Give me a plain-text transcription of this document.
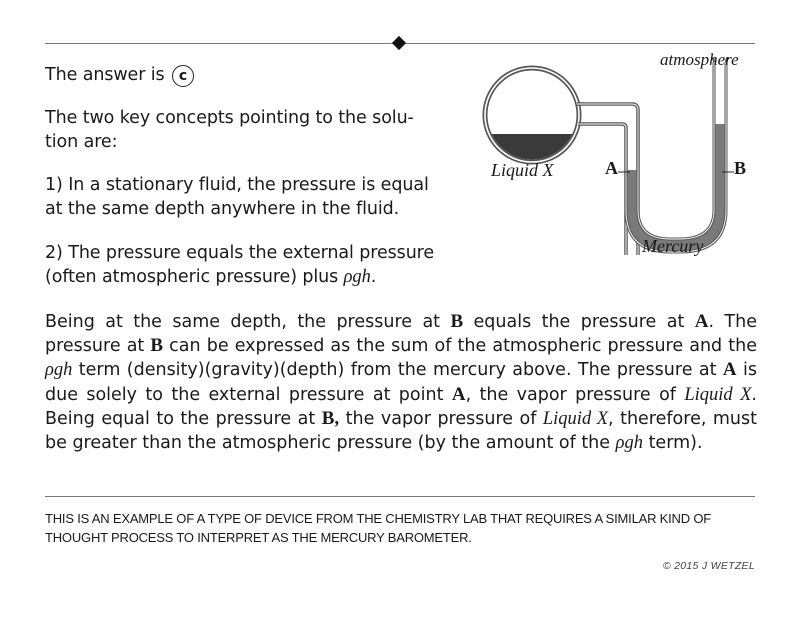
The answer is c
The two key concepts pointing to the solu-
tion are:
1) In a stationary fluid, the pressure is equal
at the same depth anywhere in the fluid.
2) The pressure equals the external pressure
(often atmospheric pressure) plus ρgh.
atmosphere
Liquid X	A	B
Mercury
Being at the same depth, the pressure at B equals the pressure at A. The pressure at B can be expressed as the sum of the atmospheric pressure and the ρgh term (density)(gravity)(depth) from the mercury above. The pressure at A is due solely to the external pressure at point A, the vapor pressure of Liquid X. Being equal to the pressure at B, the vapor pressure of Liquid X, therefore, must be greater than the atmospheric pressure (by the amount of the ρgh term).
THIS IS AN EXAMPLE OF A TYPE OF DEVICE FROM THE CHEMISTRY LAB THAT REQUIRES A SIMILAR KIND OF THOUGHT PROCESS TO INTERPRET AS THE MERCURY BAROMETER.
© 2015 J WETZEL
